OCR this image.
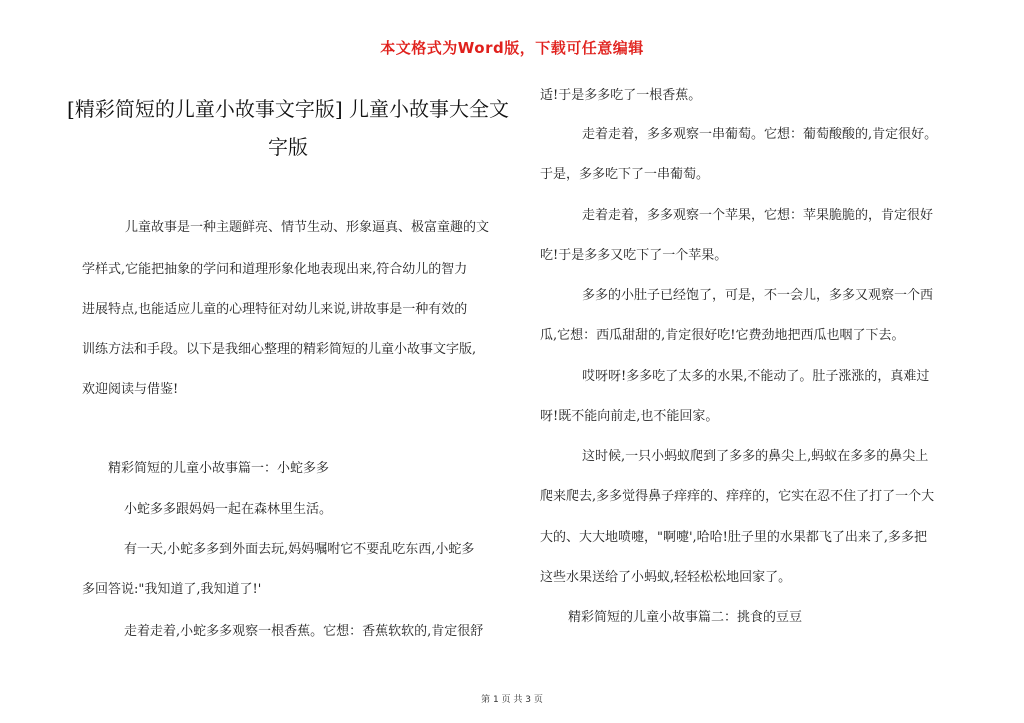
本文格式为Word版，下载可任意编辑
[精彩简短的儿童小故事文字版] 儿童小故事大全文字版

儿童故事是一种主题鲜亮、情节生动、形象逼真、极富童趣的文

学样式,它能把抽象的学问和道理形象化地表现出来,符合幼儿的智力

进展特点,也能适应儿童的心理特征对幼儿来说,讲故事是一种有效的

训练方法和手段。以下是我细心整理的精彩简短的儿童小故事文字版,

欢迎阅读与借鉴!

精彩简短的儿童小故事篇一：小蛇多多

小蛇多多跟妈妈一起在森林里生活。

有一天,小蛇多多到外面去玩,妈妈嘱咐它不要乱吃东西,小蛇多

多回答说:"我知道了,我知道了!'

走着走着,小蛇多多观察一根香蕉。它想：香蕉软软的,肯定很舒

适!于是多多吃了一根香蕉。

走着走着，多多观察一串葡萄。它想：葡萄酸酸的,肯定很好。

于是，多多吃下了一串葡萄。

走着走着，多多观察一个苹果，它想：苹果脆脆的，肯定很好

吃!于是多多又吃下了一个苹果。

多多的小肚子已经饱了，可是，不一会儿，多多又观察一个西

瓜,它想：西瓜甜甜的,肯定很好吃!它费劲地把西瓜也咽了下去。

哎呀呀!多多吃了太多的水果,不能动了。肚子涨涨的，真难过

呀!既不能向前走,也不能回家。

这时候,一只小蚂蚁爬到了多多的鼻尖上,蚂蚁在多多的鼻尖上

爬来爬去,多多觉得鼻子痒痒的、痒痒的，它实在忍不住了打了一个大

大的、大大地喷嚏，"啊嚏',哈哈!肚子里的水果都飞了出来了,多多把

这些水果送给了小蚂蚁,轻轻松松地回家了。

精彩简短的儿童小故事篇二：挑食的豆豆

第 1 页 共 3 页
